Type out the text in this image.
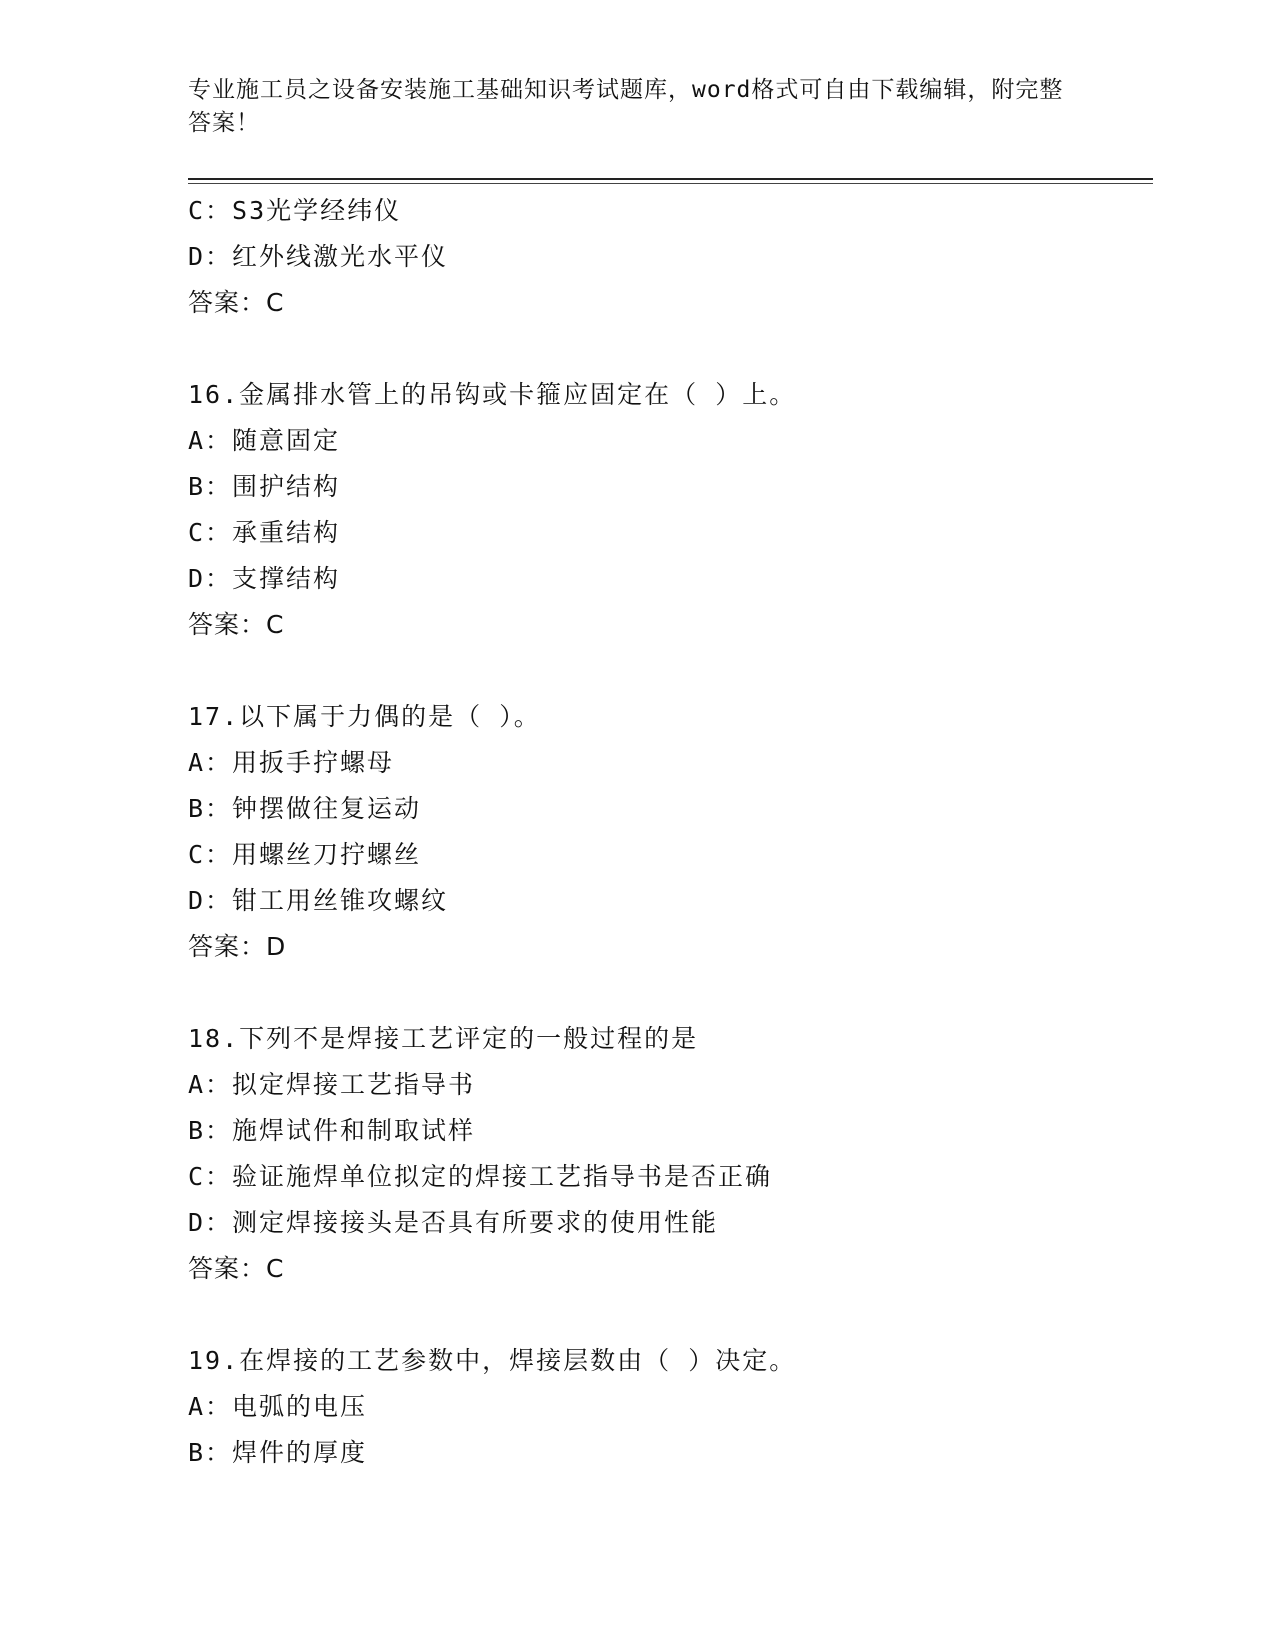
专业施工员之设备安装施工基础知识考试题库，word格式可自由下载编辑，附完整答案！
C：S3光学经纬仪
D：红外线激光水平仪
答案：C
16.金属排水管上的吊钩或卡箍应固定在（ ）上。
A：随意固定
B：围护结构
C：承重结构
D：支撑结构
答案：C
17.以下属于力偶的是（ ）。
A：用扳手拧螺母
B：钟摆做往复运动
C：用螺丝刀拧螺丝
D：钳工用丝锥攻螺纹
答案：D
18.下列不是焊接工艺评定的一般过程的是
A：拟定焊接工艺指导书
B：施焊试件和制取试样
C：验证施焊单位拟定的焊接工艺指导书是否正确
D：测定焊接接头是否具有所要求的使用性能
答案：C
19.在焊接的工艺参数中，焊接层数由（ ）决定。
A：电弧的电压
B：焊件的厚度
